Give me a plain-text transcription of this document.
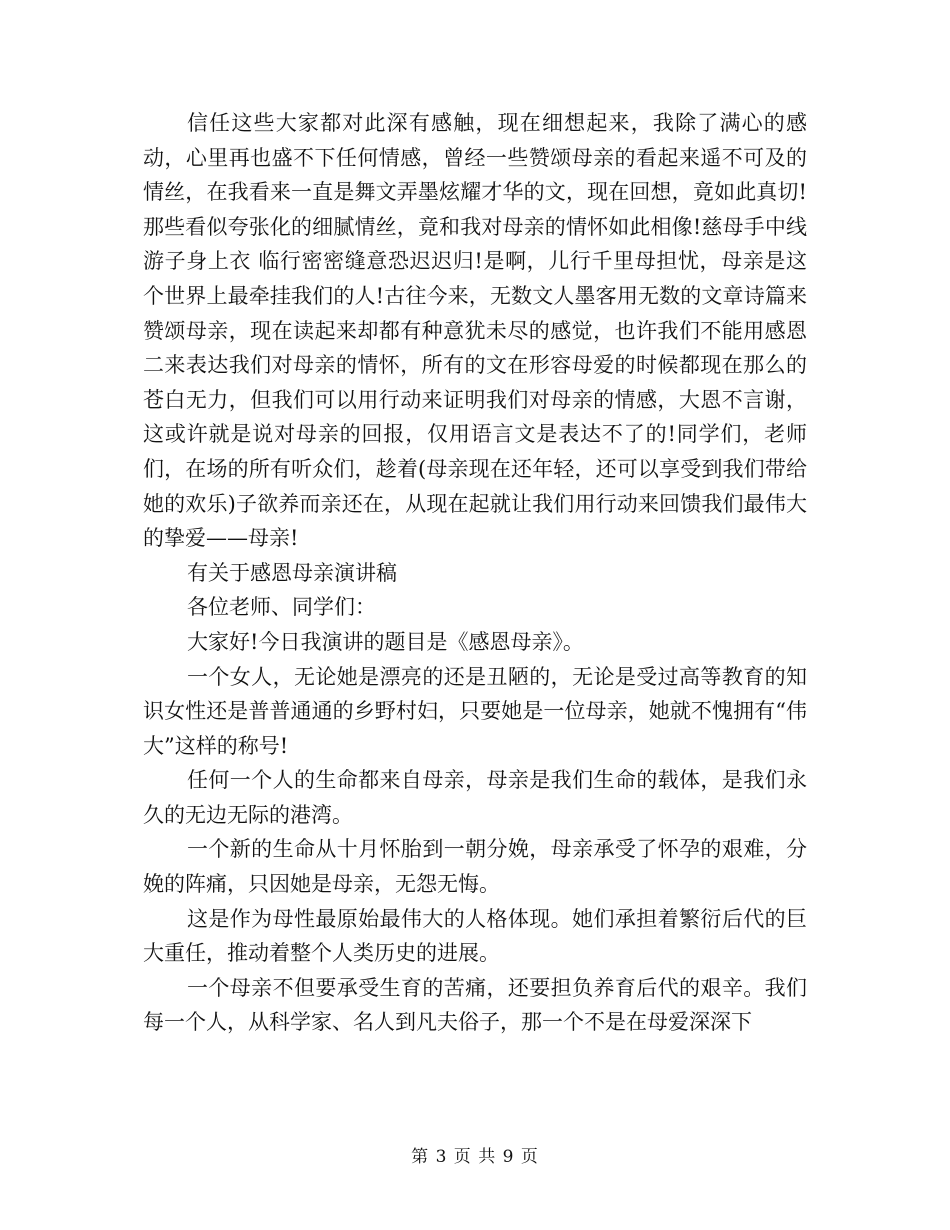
信任这些大家都对此深有感触，现在细想起来，我除了满心的感动，心里再也盛不下任何情感，曾经一些赞颂母亲的看起来遥不可及的情丝，在我看来一直是舞文弄墨炫耀才华的文，现在回想，竟如此真切!那些看似夸张化的细腻情丝，竟和我对母亲的情怀如此相像!慈母手中线游子身上衣 临行密密缝意恐迟迟归!是啊，儿行千里母担忧，母亲是这个世界上最牵挂我们的人!古往今来，无数文人墨客用无数的文章诗篇来赞颂母亲，现在读起来却都有种意犹未尽的感觉，也许我们不能用感恩二来表达我们对母亲的情怀，所有的文在形容母爱的时候都现在那么的苍白无力，但我们可以用行动来证明我们对母亲的情感，大恩不言谢，这或许就是说对母亲的回报，仅用语言文是表达不了的!同学们，老师们，在场的所有听众们，趁着(母亲现在还年轻，还可以享受到我们带给她的欢乐)子欲养而亲还在，从现在起就让我们用行动来回馈我们最伟大的挚爱——母亲!

有关于感恩母亲演讲稿

各位老师、同学们：

大家好!今日我演讲的题目是《感恩母亲》。

一个女人，无论她是漂亮的还是丑陋的，无论是受过高等教育的知识女性还是普普通通的乡野村妇，只要她是一位母亲，她就不愧拥有“伟大”这样的称号!

任何一个人的生命都来自母亲，母亲是我们生命的载体，是我们永久的无边无际的港湾。

一个新的生命从十月怀胎到一朝分娩，母亲承受了怀孕的艰难，分娩的阵痛，只因她是母亲，无怨无悔。

这是作为母性最原始最伟大的人格体现。她们承担着繁衍后代的巨大重任，推动着整个人类历史的进展。

一个母亲不但要承受生育的苦痛，还要担负养育后代的艰辛。我们每一个人，从科学家、名人到凡夫俗子，那一个不是在母爱深深下

第 3 页 共 9 页
